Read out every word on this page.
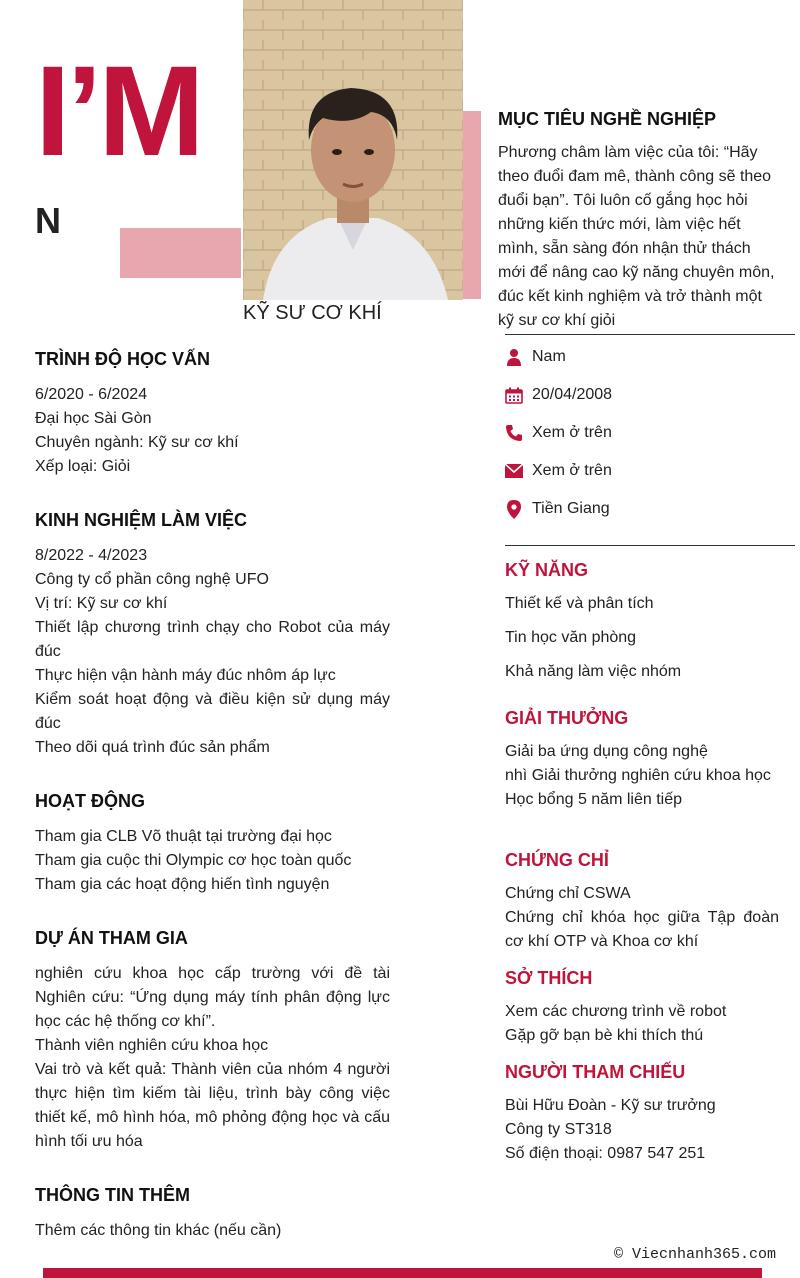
I’M
N
KỸ SƯ CƠ KHÍ
MỤC TIÊU NGHỀ NGHIỆP
Phương châm làm việc của tôi: “Hãy theo đuổi đam mê, thành công sẽ theo đuổi bạn”. Tôi luôn cố gắng học hỏi những kiến thức mới, làm việc hết mình, sẵn sàng đón nhận thử thách mới để nâng cao kỹ năng chuyên môn, đúc kết kinh nghiệm và trở thành một kỹ sư cơ khí giỏi
Nam
20/04/2008
Xem ở trên
Xem ở trên
Tiền Giang
TRÌNH ĐỘ HỌC VẤN
6/2020 - 6/2024
Đại học Sài Gòn
Chuyên ngành: Kỹ sư cơ khí
Xếp loại: Giỏi
KINH NGHIỆM LÀM VIỆC
8/2022 - 4/2023
Công ty cổ phần công nghệ UFO
Vị trí: Kỹ sư cơ khí
Thiết lập chương trình chạy cho Robot của máy đúc
Thực hiện vận hành máy đúc nhôm áp lực
Kiểm soát hoạt động và điều kiện sử dụng máy đúc
Theo dõi quá trình đúc sản phẩm
HOẠT ĐỘNG
Tham gia CLB Võ thuật tại trường đại học
Tham gia cuộc thi Olympic cơ học toàn quốc
Tham gia các hoạt động hiến tình nguyện
DỰ ÁN THAM GIA
nghiên cứu khoa học cấp trường với đề tài Nghiên cứu: “Ứng dụng máy tính phân động lực học các hệ thống cơ khí”.
Thành viên nghiên cứu khoa học
Vai trò và kết quả: Thành viên của nhóm 4 người thực hiện tìm kiếm tài liệu, trình bày công việc thiết kế, mô hình hóa, mô phỏng động học và cấu hình tối ưu hóa
THÔNG TIN THÊM
Thêm các thông tin khác (nếu cần)
KỸ NĂNG
Thiết kế và phân tích
Tin học văn phòng
Khả năng làm việc nhóm
GIẢI THƯỞNG
Giải ba ứng dụng công nghệ
nhì Giải thưởng nghiên cứu khoa học
Học bổng 5 năm liên tiếp
CHỨNG CHỈ
Chứng chỉ CSWA
Chứng chỉ khóa học giữa Tập đoàn cơ khí OTP và Khoa cơ khí
SỞ THÍCH
Xem các chương trình về robot
Gặp gỡ bạn bè khi thích thú
NGƯỜI THAM CHIẾU
Bùi Hữu Đoàn - Kỹ sư trưởng
Công ty ST318
Số điện thoại: 0987 547 251
© Viecnhanh365.com
